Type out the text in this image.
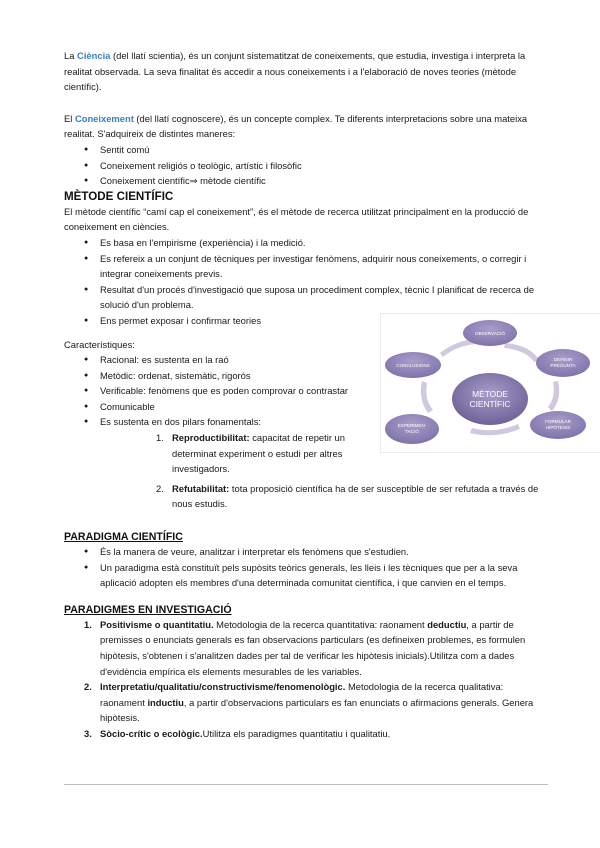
La Ciència (del llatí scientia), és un conjunt sistematitzat de coneixements, que estudia, investiga i interpreta la realitat observada. La seva finalitat és accedir a nous coneixements i a l'elaboració de noves teories (mètode científic).

El Coneixement (del llatí cognoscere), és un concepte complex. Te diferents interpretacions sobre una mateixa realitat. S'adquireix de distintes maneres:

● Sentit comú
● Coneixement religiós o teològic, artístic i filosòfic
● Coneixement científic⇒ mètode científic
MÈTODE CIENTÍFIC

El mètode científic “camí cap el coneixement”, és el mètode de recerca utilitzat principalment en la producció de coneixement en ciències.

● Es basa en l'empirisme (experiència) i la medició.
● Es refereix a un conjunt de tècniques per investigar fenòmens, adquirir nous coneixements, o corregir i integrar coneixements previs.
● Resultat d'un procés d'investigació que suposa un procediment complex, tècnic I planificat de recerca de solució d'un problema.
● Ens permet exposar i confirmar teories

Característiques:

● Racional: es sustenta en la raó
● Metòdic: ordenat, sistemàtic, rigorós
● Verificable: fenòmens que es poden comprovar o contrastar
● Comunicable
● Es sustenta en dos pilars fonamentals:
1. Reproductibilitat: capacitat de repetir un determinat experiment o estudi per altres investigadors.
2. Refutabilitat: tota proposició científica ha de ser susceptible de ser refutada a través de nous estudis.
PARADIGMA CIENTÍFIC
● És la manera de veure, analitzar i interpretar els fenòmens que s'estudien.
● Un paradigma està constituït pels supòsits teòrics generals, les lleis i les tècniques que per a la seva aplicació adopten els membres d'una determinada comunitat científica, i que canvien en el temps.
PARADIGMES EN INVESTIGACIÓ
1. Positivisme o quantitatiu. Metodologia de la recerca quantitativa: raonament deductiu, a partir de premisses o enunciats generals es fan observacions particulars (es defineixen problemes, es formulen hipòtesis, s'obtenen i s'analitzen dades per tal de verificar les hipòtesis inicials).Utilitza com a dades d'evidència empírica els elements mesurables de les variables.
2. Interpretatiu/qualitatiu/constructivisme/fenomenològic. Metodologia de la recerca qualitativa: raonament inductiu, a partir d'observacions particulars es fan enunciats o afirmacions generals. Genera hipòtesis.
3. Sòcio-crític o ecològic.Utilitza els paradigmes quantitatiu i qualitatiu.
MÈTODE CIENTÍFIC
OBSERVACIÓ
DEFINIR PREGUNTA
FORMULAR HIPÒTESIS
EXPERIMEN-TACIÓ
CONCLUSIONS
